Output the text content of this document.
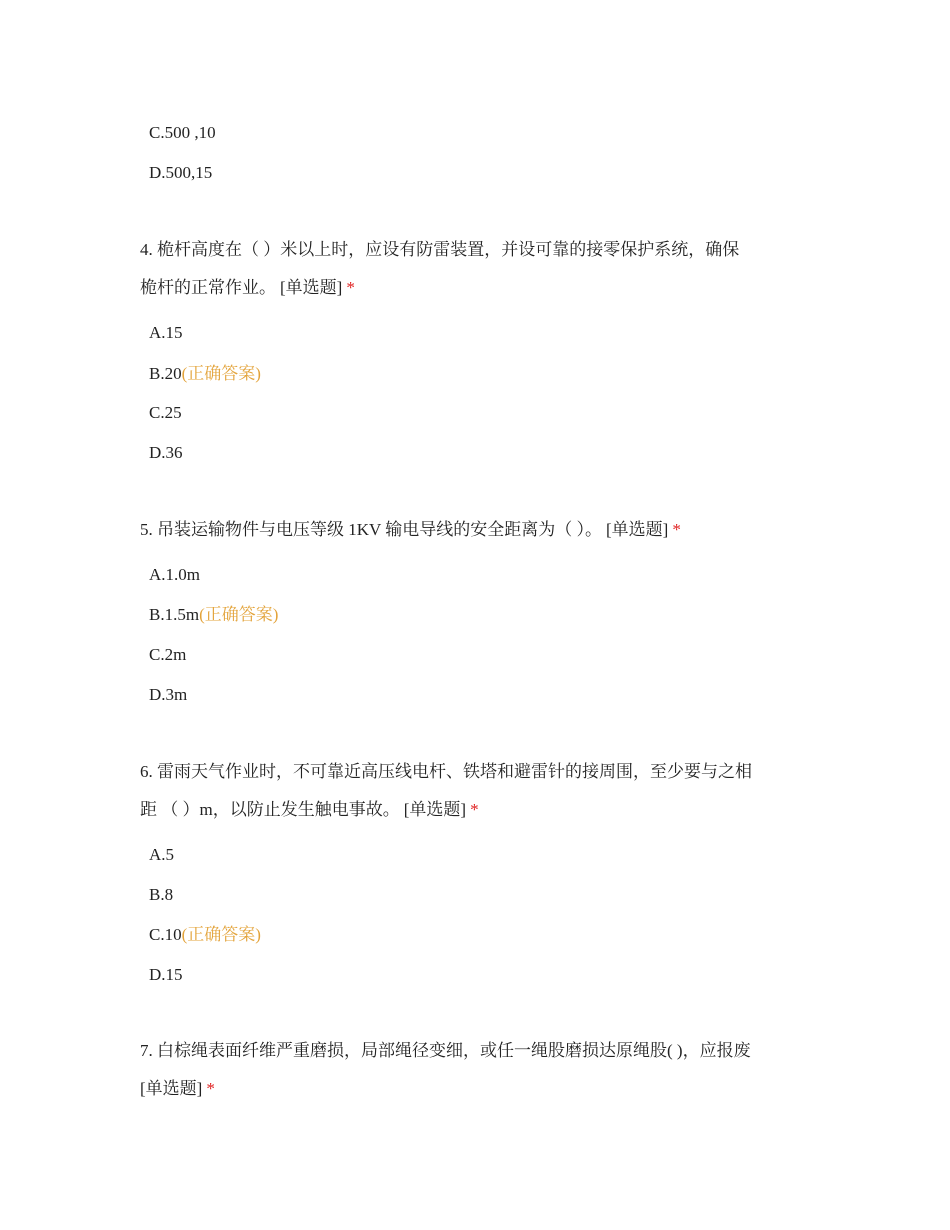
C.500 ,10
D.500,15
4. 桅杆高度在（ ）米以上时，应设有防雷装置，并设可靠的接零保护系统，确保
桅杆的正常作业。 [单选题] *
A.15
B.20(正确答案)
C.25
D.36
5. 吊装运输物件与电压等级 1KV 输电导线的安全距离为（ ）。 [单选题] *
A.1.0m
B.1.5m(正确答案)
C.2m
D.3m
6. 雷雨天气作业时，不可靠近高压线电杆、铁塔和避雷针的接周围，至少要与之相
距 （ ）m，以防止发生触电事故。 [单选题] *
A.5
B.8
C.10(正确答案)
D.15
7. 白棕绳表面纤维严重磨损，局部绳径变细，或任一绳股磨损达原绳股( )，应报废
[单选题] *
